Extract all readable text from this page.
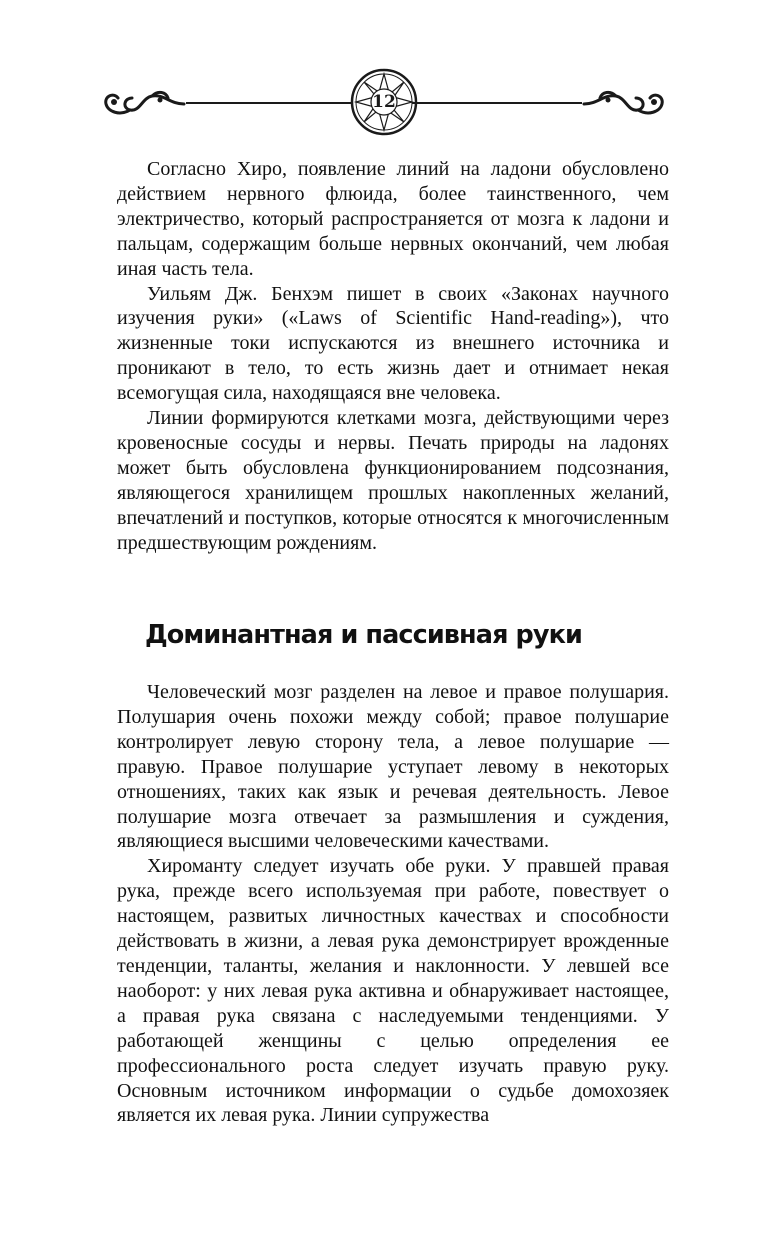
12

Согласно Хиро, появление линий на ладони обусловлено действием нервного флюида, более таинственного, чем электричество, который распространяется от мозга к ладони и пальцам, содержащим больше нервных окончаний, чем любая иная часть тела.

Уильям Дж. Бенхэм пишет в своих «Законах научного изучения руки» («Laws of Scientific Hand-reading»), что жизненные токи испускаются из внешнего источника и проникают в тело, то есть жизнь дает и отнимает некая всемогущая сила, находящаяся вне человека.

Линии формируются клетками мозга, действующими через кровеносные сосуды и нервы. Печать природы на ладонях может быть обусловлена функционированием подсознания, являющегося хранилищем прошлых накопленных желаний, впечатлений и поступков, которые относятся к многочисленным предшествующим рождениям.

Доминантная и пассивная руки

Человеческий мозг разделен на левое и правое полушария. Полушария очень похожи между собой; правое полушарие контролирует левую сторону тела, а левое полушарие — правую. Правое полушарие уступает левому в некоторых отношениях, таких как язык и речевая деятельность. Левое полушарие мозга отвечает за размышления и суждения, являющиеся высшими человеческими качествами.

Хироманту следует изучать обе руки. У правшей правая рука, прежде всего используемая при работе, повествует о настоящем, развитых личностных качествах и способности действовать в жизни, а левая рука демонстрирует врожденные тенденции, таланты, желания и наклонности. У левшей все наоборот: у них левая рука активна и обнаруживает настоящее, а правая рука связана с наследуемыми тенденциями. У работающей женщины с целью определения ее профессионального роста следует изучать правую руку. Основным источником информации о судьбе домохозяек является их левая рука. Линии супружества
